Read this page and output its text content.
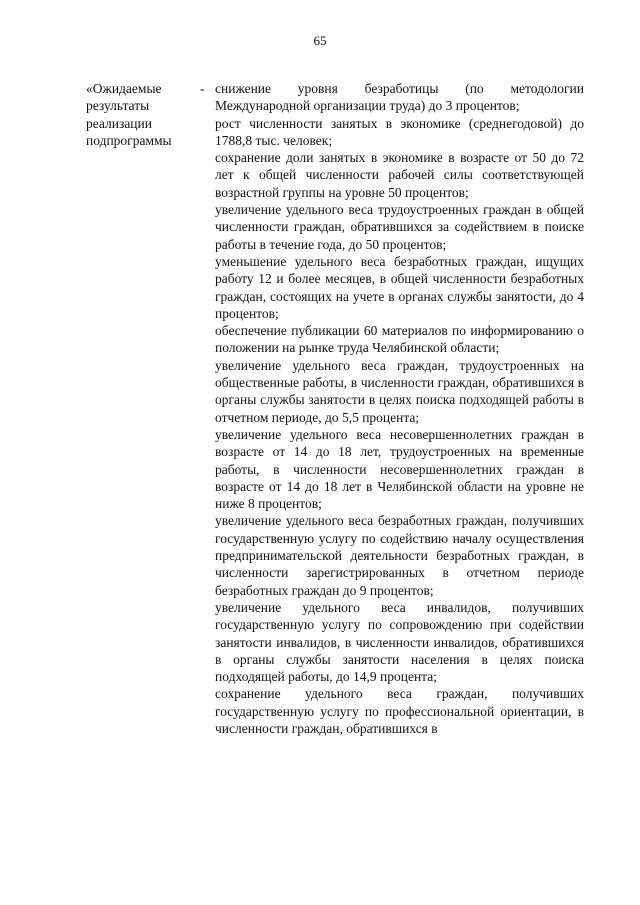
65
«Ожидаемые результаты реализации подпрограммы
- снижение уровня безработицы (по методологии Международной организации труда) до 3 процентов;

рост численности занятых в экономике (среднегодовой) до 1788,8 тыс. человек;

сохранение доли занятых в экономике в возрасте от 50 до 72 лет к общей численности рабочей силы соответствующей возрастной группы на уровне 50 процентов;

увеличение удельного веса трудоустроенных граждан в общей численности граждан, обратившихся за содействием в поиске работы в течение года, до 50 процентов;

уменьшение удельного веса безработных граждан, ищущих работу 12 и более месяцев, в общей численности безработных граждан, состоящих на учете в органах службы занятости, до 4 процентов;

обеспечение публикации 60 материалов по информированию о положении на рынке труда Челябинской области;

увеличение удельного веса граждан, трудоустроенных на общественные работы, в численности граждан, обратившихся в органы службы занятости в целях поиска подходящей работы в отчетном периоде, до 5,5 процента;

увеличение удельного веса несовершеннолетних граждан в возрасте от 14 до 18 лет, трудоустроенных на временные работы, в численности несовершеннолетних граждан в возрасте от 14 до 18 лет в Челябинской области на уровне не ниже 8 процентов;

увеличение удельного веса безработных граждан, получивших государственную услугу по содействию началу осуществления предпринимательской деятельности безработных граждан, в численности зарегистрированных в отчетном периоде безработных граждан до 9 процентов;

увеличение удельного веса инвалидов, получивших государственную услугу по сопровождению при содействии занятости инвалидов, в численности инвалидов, обратившихся в органы службы занятости населения в целях поиска подходящей работы, до 14,9 процента;

сохранение удельного веса граждан, получивших государственную услугу по профессиональной ориентации, в численности граждан, обратившихся в
